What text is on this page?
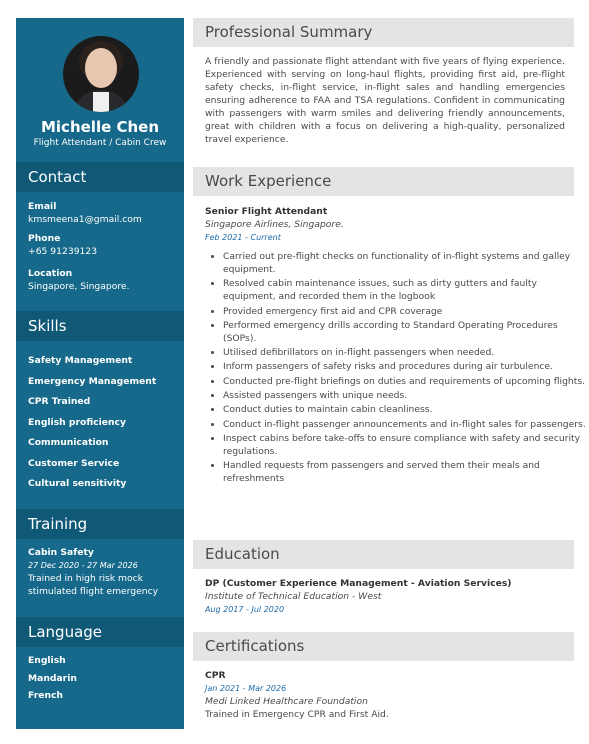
Michelle Chen
Flight Attendant / Cabin Crew
Contact
Email
kmsmeena1@gmail.com
Phone
+65 91239123
Location
Singapore, Singapore.
Skills
Safety Management
Emergency Management
CPR Trained
English proficiency
Communication
Customer Service
Cultural sensitivity
Training
Cabin Safety
27 Dec 2020 - 27 Mar 2026
Trained in high risk mock stimulated flight emergency
Language
English
Mandarin
French
Professional Summary
A friendly and passionate flight attendant with five years of flying experience. Experienced with serving on long-haul flights, providing first aid, pre-flight safety checks, in-flight service, in-flight sales and handling emergencies ensuring adherence to FAA and TSA regulations. Confident in communicating with passengers with warm smiles and delivering friendly announcements, great with children with a focus on delivering a high-quality, personalized travel experience.
Work Experience
Senior Flight Attendant
Singapore Airlines, Singapore.
Feb 2021 - Current
• Carried out pre-flight checks on functionality of in-flight systems and galley equipment.
• Resolved cabin maintenance issues, such as dirty gutters and faulty equipment, and recorded them in the logbook
• Provided emergency first aid and CPR coverage
• Performed emergency drills according to Standard Operating Procedures (SOPs).
• Utilised defibrillators on in-flight passengers when needed.
• Inform passengers of safety risks and procedures during air turbulence.
• Conducted pre-flight briefings on duties and requirements of upcoming flights.
• Assisted passengers with unique needs.
• Conduct duties to maintain cabin cleanliness.
• Conduct in-flight passenger announcements and in-flight sales for passengers.
• Inspect cabins before take-offs to ensure compliance with safety and security regulations.
• Handled requests from passengers and served them their meals and refreshments
Education
DP (Customer Experience Management - Aviation Services)
Institute of Technical Education - West
Aug 2017 - Jul 2020
Certifications
CPR
Jan 2021 - Mar 2026
Medi Linked Healthcare Foundation
Trained in Emergency CPR and First Aid.
